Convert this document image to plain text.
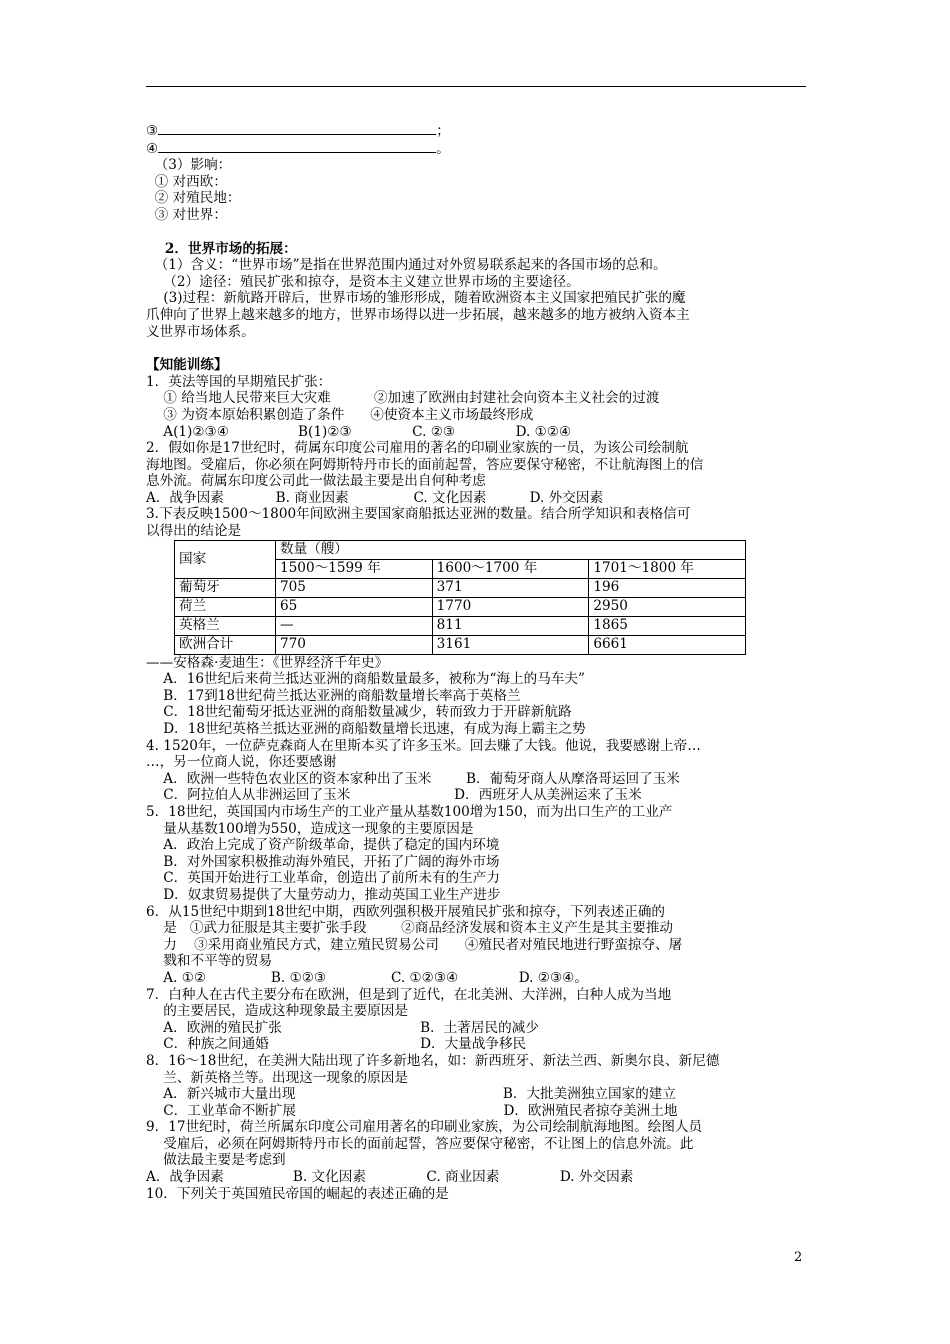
③	；
④	。
（3）影响：
① 对西欧：
② 对殖民地：
③ 对世界：
2．世界市场的拓展：
（1）含义：“世界市场”是指在世界范围内通过对外贸易联系起来的各国市场的总和。
（2）途径：殖民扩张和掠夺，是资本主义建立世界市场的主要途径。
(3)过程：新航路开辟后，世界市场的雏形形成，随着欧洲资本主义国家把殖民扩张的魔
爪伸向了世界上越来越多的地方，世界市场得以进一步拓展，越来越多的地方被纳入资本主
义世界市场体系。
【知能训练】
1．英法等国的早期殖民扩张：
① 给当地人民带来巨大灾难          ②加速了欧洲由封建社会向资本主义社会的过渡
③ 为资本原始积累创造了条件      ④使资本主义市场最终形成
A(1)②③④                B(1)②③              C. ②③              D. ①②④
2．假如你是17世纪时，荷属东印度公司雇用的著名的印刷业家族的一员，为该公司绘制航
海地图。受雇后，你必须在阿姆斯特丹市长的面前起誓，答应要保守秘密，不让航海图上的信
息外流。荷属东印度公司此一做法最主要是出自何种考虑
A．战争因素            B. 商业因素               C. 文化因素          D. 外交因素
3.下表反映1500～1800年间欧洲主要国家商船抵达亚洲的数量。结合所学知识和表格信可
以得出的结论是
国家	数量（艘）		
	1500～1599 年	1600～1700 年	1701～1800 年
葡萄牙	705	371	196
荷兰	65	1770	2950
英格兰	—	811	1865
欧洲合计	770	3161	6661
——安格森·麦迪生：《世界经济千年史》
A．16世纪后来荷兰抵达亚洲的商船数量最多，被称为“海上的马车夫”
B．17到18世纪荷兰抵达亚洲的商船数量增长率高于英格兰
C．18世纪葡萄牙抵达亚洲的商船数量减少，转而致力于开辟新航路
D．18世纪英格兰抵达亚洲的商船数量增长迅速，有成为海上霸主之势
4. 1520年，一位萨克森商人在里斯本买了许多玉米。回去赚了大钱。他说，我要感谢上帝…
…，另一位商人说，你还要感谢
A．欧洲一些特色农业区的资本家种出了玉米        B．葡萄牙商人从摩洛哥运回了玉米
C．阿拉伯人从非洲运回了玉米                        D．西班牙人从美洲运来了玉米
5．18世纪，英国国内市场生产的工业产量从基数100增为150，而为出口生产的工业产
量从基数100增为550，造成这一现象的主要原因是
A．政治上完成了资产阶级革命，提供了稳定的国内环境
B．对外国家积极推动海外殖民，开拓了广阔的海外市场
C．英国开始进行工业革命，创造出了前所未有的生产力
D．奴隶贸易提供了大量劳动力，推动英国工业生产进步
6．从15世纪中期到18世纪中期，西欧列强积极开展殖民扩张和掠夺，下列表述正确的
是   ①武力征服是其主要扩张手段        ②商品经济发展和资本主义产生是其主要推动
力    ③采用商业殖民方式，建立殖民贸易公司      ④殖民者对殖民地进行野蛮掠夺、屠
戮和不平等的贸易
A. ①②               B. ①②③               C. ①②③④              D. ②③④。
7．白种人在古代主要分布在欧洲，但是到了近代，在北美洲、大洋洲，白种人成为当地
的主要居民，造成这种现象最主要原因是
A．欧洲的殖民扩张                                B．土著居民的减少
C．种族之间通婚                                   D．大量战争移民
8．16～18世纪，在美洲大陆出现了许多新地名，如：新西班牙、新法兰西、新奥尔良、新尼德
兰、新英格兰等。出现这一现象的原因是
A．新兴城市大量出现                                                B．大批美洲独立国家的建立
C．工业革命不断扩展                                                D．欧洲殖民者掠夺美洲土地
9．17世纪时，荷兰所属东印度公司雇用著名的印刷业家族，为公司绘制航海地图。绘图人员
受雇后，必须在阿姆斯特丹市长的面前起誓，答应要保守秘密，不让图上的信息外流。此
做法最主要是考虑到
A．战争因素                B. 文化因素              C. 商业因素              D. 外交因素
10．下列关于英国殖民帝国的崛起的表述正确的是
2
